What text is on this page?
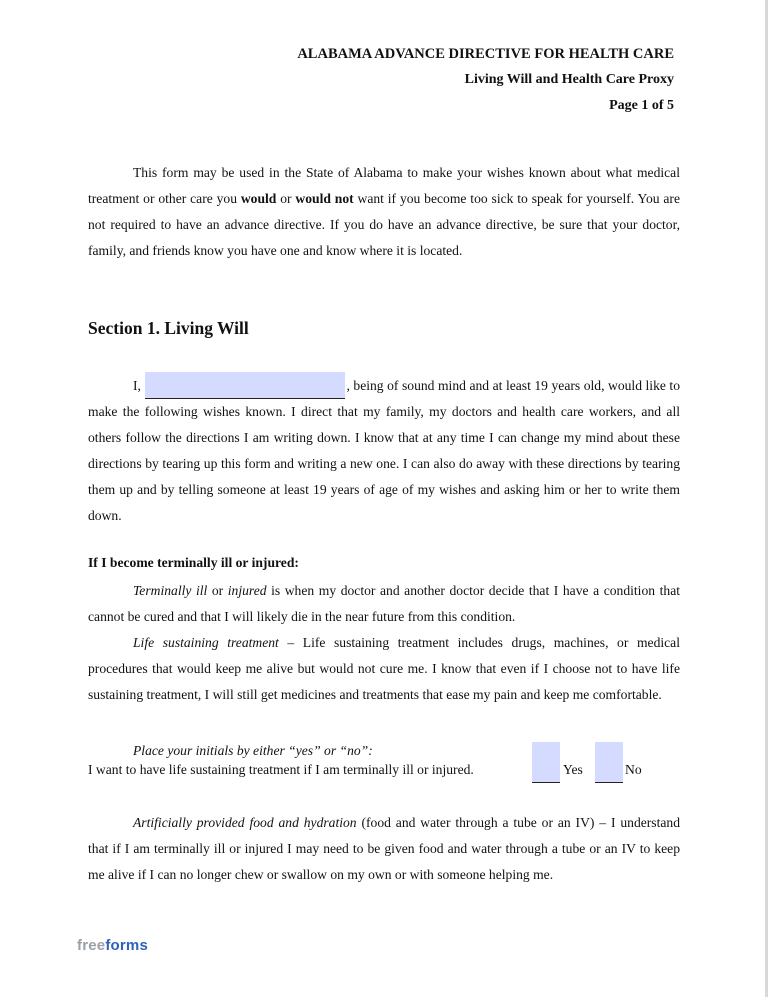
ALABAMA ADVANCE DIRECTIVE FOR HEALTH CARE
Living Will and Health Care Proxy
Page 1 of 5
This form may be used in the State of Alabama to make your wishes known about what medical treatment or other care you would or would not want if you become too sick to speak for yourself. You are not required to have an advance directive. If you do have an advance directive, be sure that your doctor, family, and friends know you have one and know where it is located.
Section 1. Living Will
I,	, being of sound mind and at least 19 years old, would like to make the following wishes known. I direct that my family, my doctors and health care workers, and all others follow the directions I am writing down. I know that at any time I can change my mind about these directions by tearing up this form and writing a new one. I can also do away with these directions by tearing them up and by telling someone at least 19 years of age of my wishes and asking him or her to write them down.
If I become terminally ill or injured:
Terminally ill or injured is when my doctor and another doctor decide that I have a condition that cannot be cured and that I will likely die in the near future from this condition.
Life sustaining treatment – Life sustaining treatment includes drugs, machines, or medical procedures that would keep me alive but would not cure me. I know that even if I choose not to have life sustaining treatment, I will still get medicines and treatments that ease my pain and keep me comfortable.
Place your initials by either “yes” or “no”:
I want to have life sustaining treatment if I am terminally ill or injured.	Yes	No
Artificially provided food and hydration (food and water through a tube or an IV) – I understand that if I am terminally ill or injured I may need to be given food and water through a tube or an IV to keep me alive if I can no longer chew or swallow on my own or with someone helping me.
freeforms
